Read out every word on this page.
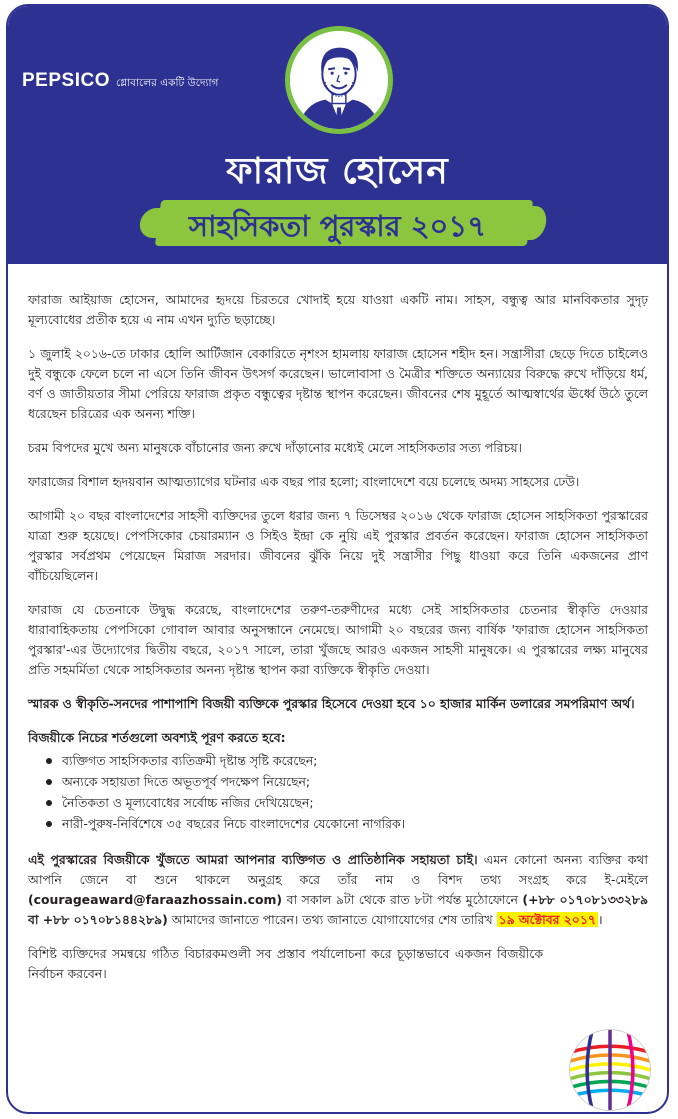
PEPSICO গ্লোবালের একটি উদ্যোগ
ফারাজ হোসেন
সাহসিকতা পুরস্কার ২০১৭

ফারাজ আইয়াজ হোসেন, আমাদের হৃদয়ে চিরতরে খোদাই হয়ে যাওয়া একটি নাম। সাহস, বন্ধুত্ব আর মানবিকতার সুদৃঢ় মূল্যবোধের প্রতীক হয়ে এ নাম এখন দ্যুতি ছড়াচ্ছে।

১ জুলাই ২০১৬-তে ঢাকার হোলি আর্টিজান বেকারিতে নৃশংস হামলায় ফারাজ হোসেন শহীদ হন। সন্ত্রাসীরা ছেড়ে দিতে চাইলেও দুই বন্ধুকে ফেলে চলে না এসে তিনি জীবন উৎসর্গ করেছেন। ভালোবাসা ও মৈত্রীর শক্তিতে অন্যায়ের বিরুদ্ধে রুখে দাঁড়িয়ে ধর্ম, বর্ণ ও জাতীয়তার সীমা পেরিয়ে ফারাজ প্রকৃত বন্ধুত্বের দৃষ্টান্ত স্থাপন করেছেন। জীবনের শেষ মুহূর্তে আত্মস্বার্থের ঊর্ধ্বে উঠে তুলে ধরেছেন চরিত্রের এক অনন্য শক্তি।

চরম বিপদের মুখে অন্য মানুষকে বাঁচানোর জন্য রুখে দাঁড়ানোর মধ্যেই মেলে সাহসিকতার সত্য পরিচয়।

ফারাজের বিশাল হৃদয়বান আত্মত্যাগের ঘটনার এক বছর পার হলো; বাংলাদেশে বয়ে চলেছে অদম্য সাহসের ঢেউ।

আগামী ২০ বছর বাংলাদেশের সাহসী ব্যক্তিদের তুলে ধরার জন্য ৭ ডিসেম্বর ২০১৬ থেকে ফারাজ হোসেন সাহসিকতা পুরস্কারের যাত্রা শুরু হয়েছে। পেপসিকোর চেয়ারম্যান ও সিইও ইন্দ্রা কে নুয়ি এই পুরস্কার প্রবর্তন করেছেন। ফারাজ হোসেন সাহসিকতা পুরস্কার সর্বপ্রথম পেয়েছেন মিরাজ সরদার। জীবনের ঝুঁকি নিয়ে দুই সন্ত্রাসীর পিছু ধাওয়া করে তিনি একজনের প্রাণ বাঁচিয়েছিলেন।

ফারাজ যে চেতনাকে উদ্বুদ্ধ করেছে, বাংলাদেশের তরুণ-তরুণীদের মধ্যে সেই সাহসিকতার চেতনার স্বীকৃতি দেওয়ার ধারাবাহিকতায় পেপসিকো গোবাল আবার অনুসন্ধানে নেমেছে। আগামী ২০ বছরের জন্য বার্ষিক 'ফারাজ হোসেন সাহসিকতা পুরস্কার'-এর উদ্যোগের দ্বিতীয় বছরে, ২০১৭ সালে, তারা খুঁজছে আরও একজন সাহসী মানুষকে। এ পুরস্কারের লক্ষ্য মানুষের প্রতি সহমর্মিতা থেকে সাহসিকতার অনন্য দৃষ্টান্ত স্থাপন করা ব্যক্তিকে স্বীকৃতি দেওয়া।

স্মারক ও স্বীকৃতি-সনদের পাশাপাশি বিজয়ী ব্যক্তিকে পুরস্কার হিসেবে দেওয়া হবে ১০ হাজার মার্কিন ডলারের সমপরিমাণ অর্থ।

বিজয়ীকে নিচের শর্তগুলো অবশ্যই পূরণ করতে হবে:

ব্যক্তিগত সাহসিকতার ব্যতিক্রমী দৃষ্টান্ত সৃষ্টি করেছেন;
অন্যকে সহায়তা দিতে অভূতপূর্ব পদক্ষেপ নিয়েছেন;
নৈতিকতা ও মূল্যবোধের সর্বোচ্চ নজির দেখিয়েছেন;
নারী-পুরুষ-নির্বিশেষে ৩৫ বছরের নিচে বাংলাদেশের যেকোনো নাগরিক।

এই পুরস্কারের বিজয়ীকে খুঁজতে আমরা আপনার ব্যক্তিগত ও প্রাতিষ্ঠানিক সহায়তা চাই। এমন কোনো অনন্য ব্যক্তির কথা আপনি জেনে বা শুনে থাকলে অনুগ্রহ করে তাঁর নাম ও বিশদ তথ্য সংগ্রহ করে ই-মেইলে (courageaward@faraazhossain.com) বা সকাল ৯টা থেকে রাত ৮টা পর্যন্ত মুঠোফোনে (+৮৮ ০১৭০৮১৩৩২৮৯ বা +৮৮ ০১৭০৮১৪৪২৮৯) আমাদের জানাতে পারেন। তথ্য জানাতে যোগাযোগের শেষ তারিখ ১৯ অক্টোবর ২০১৭ ।

বিশিষ্ট ব্যক্তিদের সমন্বয়ে গঠিত বিচারকমণ্ডলী সব প্রস্তাব পর্যালোচনা করে চূড়ান্তভাবে একজন বিজয়ীকে নির্বাচন করবেন।
